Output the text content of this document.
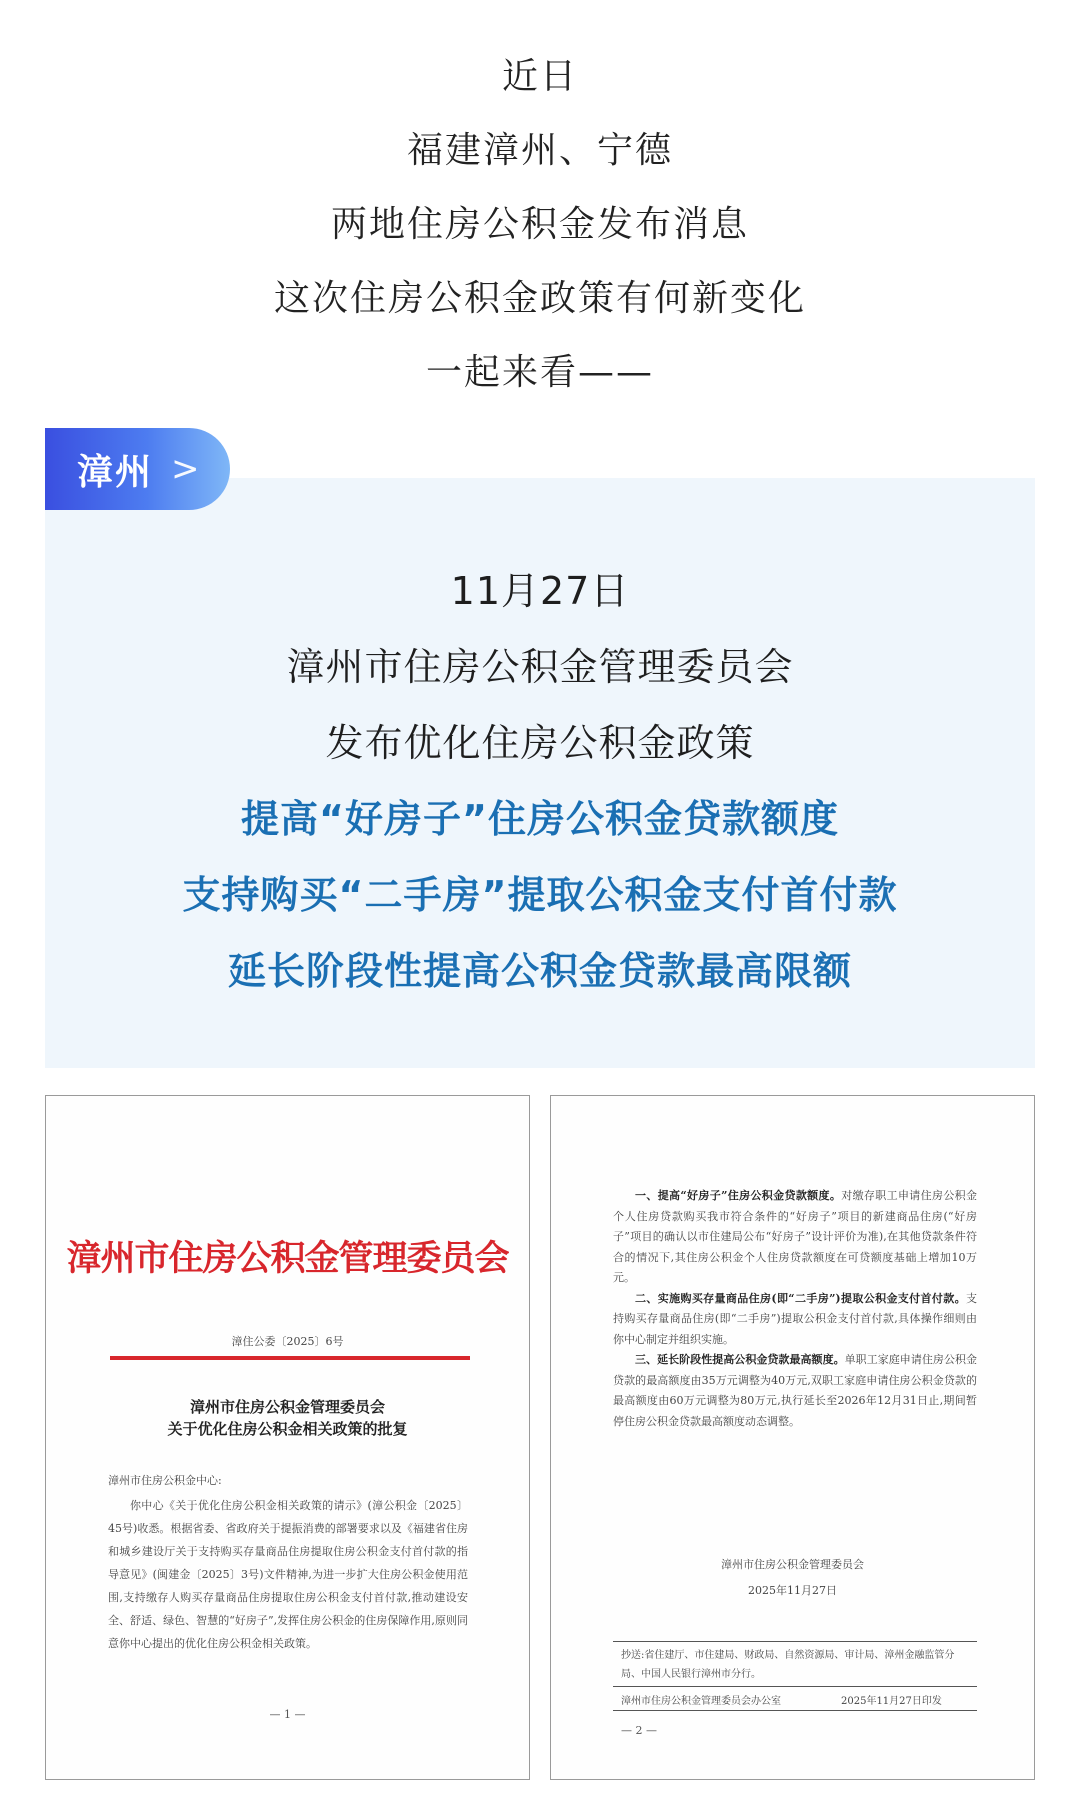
近日
福建漳州、宁德
两地住房公积金发布消息
这次住房公积金政策有何新变化
一起来看——
漳州 >
11月27日
漳州市住房公积金管理委员会
发布优化住房公积金政策
提高“好房子”住房公积金贷款额度
支持购买“二手房”提取公积金支付首付款
延长阶段性提高公积金贷款最高限额
漳州市住房公积金管理委员会
漳住公委〔2025〕6号
漳州市住房公积金管理委员会
关于优化住房公积金相关政策的批复
漳州市住房公积金中心:
你中心《关于优化住房公积金相关政策的请示》(漳公积金〔2025〕45号)收悉。根据省委、省政府关于提振消费的部署要求以及《福建省住房和城乡建设厅关于支持购买存量商品住房提取住房公积金支付首付款的指导意见》(闽建金〔2025〕3号)文件精神,为进一步扩大住房公积金使用范围,支持缴存人购买存量商品住房提取住房公积金支付首付款,推动建设安全、舒适、绿色、智慧的“好房子”,发挥住房公积金的住房保障作用,原则同意你中心提出的优化住房公积金相关政策。
— 1 —

一、提高“好房子”住房公积金贷款额度。对缴存职工申请住房公积金个人住房贷款购买我市符合条件的“好房子”项目的新建商品住房(“好房子”项目的确认以市住建局公布“好房子”设计评价为准),在其他贷款条件符合的情况下,其住房公积金个人住房贷款额度在可贷额度基础上增加10万元。

二、实施购买存量商品住房(即“二手房”)提取公积金支付首付款。支持购买存量商品住房(即“二手房”)提取公积金支付首付款,具体操作细则由你中心制定并组织实施。

三、延长阶段性提高公积金贷款最高额度。单职工家庭申请住房公积金贷款的最高额度由35万元调整为40万元,双职工家庭申请住房公积金贷款的最高额度由60万元调整为80万元,执行延长至2026年12月31日止,期间暂停住房公积金贷款最高额度动态调整。

漳州市住房公积金管理委员会
2025年11月27日
抄送:省住建厅、市住建局、财政局、自然资源局、审计局、漳州金融监管分局、中国人民银行漳州市分行。
漳州市住房公积金管理委员会办公室	2025年11月27日印发
— 2 —
